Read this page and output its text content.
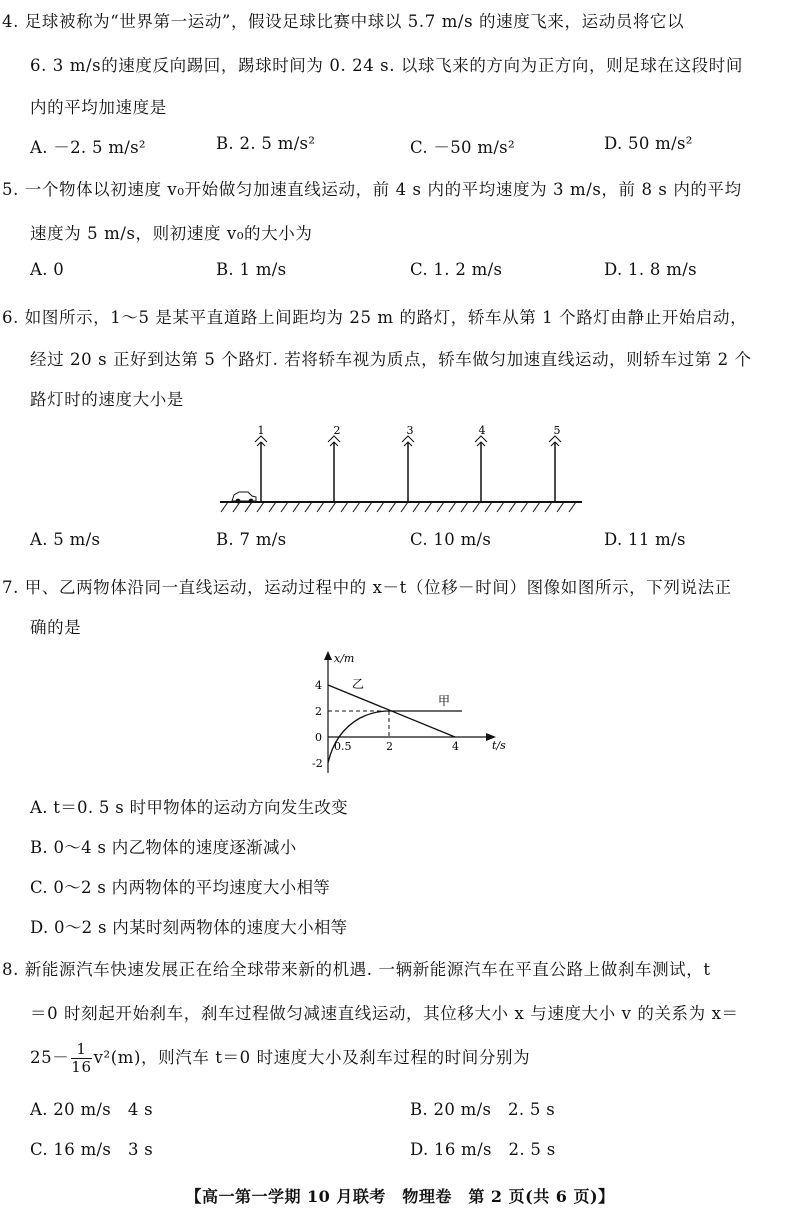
4. 足球被称为“世界第一运动”，假设足球比赛中球以 5.7 m/s 的速度飞来，运动员将它以
6. 3 m/s的速度反向踢回，踢球时间为 0. 24 s. 以球飞来的方向为正方向，则足球在这段时间
内的平均加速度是
A. －2. 5 m/s²	B. 2. 5 m/s²	C. －50 m/s²	D. 50 m/s²
5. 一个物体以初速度 v₀开始做匀加速直线运动，前 4 s 内的平均速度为 3 m/s，前 8 s 内的平均
速度为 5 m/s，则初速度 v₀的大小为
A. 0	B. 1 m/s	C. 1. 2 m/s	D. 1. 8 m/s
6. 如图所示，1～5 是某平直道路上间距均为 25 m 的路灯，轿车从第 1 个路灯由静止开始启动，
经过 20 s 正好到达第 5 个路灯. 若将轿车视为质点，轿车做匀加速直线运动，则轿车过第 2 个
路灯时的速度大小是
1	2	3	4	5
A. 5 m/s	B. 7 m/s	C. 10 m/s	D. 11 m/s
7. 甲、乙两物体沿同一直线运动，运动过程中的 x－t（位移－时间）图像如图所示，下列说法正
确的是
x/m
t/s
0
4
2
-2
0.5	2	4
乙
甲
A. t＝0. 5 s 时甲物体的运动方向发生改变
B. 0～4 s 内乙物体的速度逐渐减小
C. 0～2 s 内两物体的平均速度大小相等
D. 0～2 s 内某时刻两物体的速度大小相等
8. 新能源汽车快速发展正在给全球带来新的机遇. 一辆新能源汽车在平直公路上做刹车测试，t
＝0 时刻起开始刹车，刹车过程做匀减速直线运动，其位移大小 x 与速度大小 v 的关系为 x＝
$25- \frac{1}{16} v^2(m)$，则汽车 t＝0 时速度大小及刹车过程的时间分别为
A. 20 m/s　4 s	B. 20 m/s　2. 5 s
C. 16 m/s　3 s	D. 16 m/s　2. 5 s
【高一第一学期 10 月联考　物理卷　第 2 页(共 6 页)】
